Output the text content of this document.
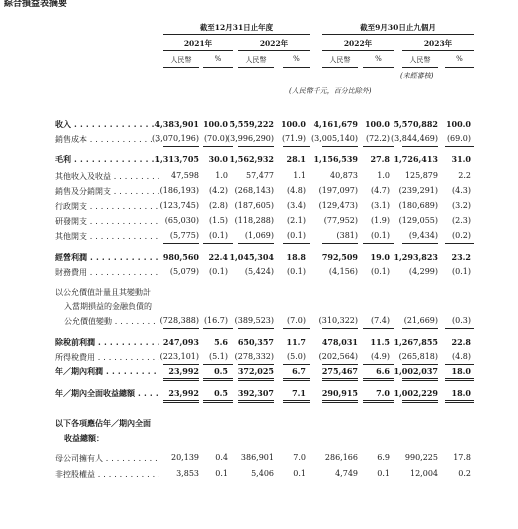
綜合損益表摘要
截至12月31日止年度	截至9月30日止九個月
2021年	2022年	2022年	2023年
人民幣	%	人民幣	%	人民幣	%	人民幣	%
(未經審核)
(人民幣千元，百分比除外)
收入 . . .	4,383,901 100.0 5,559,222 100.0 4,161,679 100.0 5,570,882 100.0
銷售成本 . . .	(3,070,196) (70.0) (3,996,290) (71.9) (3,005,140) (72.2) (3,844,469)	(69.0)
毛利 . . .	1,313,705	30.0 1,562,932	28.1 1,156,539	27.8 1,726,413	31.0
其他收入及收益 . . .	47,598	1.0	57,477	1.1	40,873	1.0	125,879	2.2
銷售及分銷開支 . . .	(186,193)	(4.2) (268,143)	(4.8)	(197,097)	(4.7)	(239,291)	(4.3)
行政開支 . . .	(123,745)	(2.8) (187,605)	(3.4)	(129,473)	(3.1)	(180,689)	(3.2)
研發開支 . . .	(65,030)	(1.5) (118,288)	(2.1)	(77,952)	(1.9)	(129,055)	(2.3)
其他開支 . . .	(5,775)	(0.1)	(1,069)	(0.1)	(381)	(0.1)	(9,434)	(0.2)
經營利潤 . . .	980,560	22.4 1,045,304	18.8	792,509	19.0 1,293,823	23.2
財務費用 . . .	(5,079)	(0.1)	(5,424)	(0.1)	(4,156)	(0.1)	(4,299)	(0.1)
以公允價值計量且其變動計
入當期損益的金融負債的
公允價值變動 . . .	(728,388) (16.7) (389,523)	(7.0)	(310,322)	(7.4)	(21,669)	(0.3)
除稅前利潤 . . .	247,093	5.6	650,357	11.7	478,031	11.5 1,267,855	22.8
所得稅費用 . . .	(223,101)	(5.1) (278,332)	(5.0)	(202,564)	(4.9)	(265,818)	(4.8)
年／期內利潤 . . .	23,992	0.5	372,025	6.7	275,467	6.6 1,002,037	18.0
年／期內全面收益總額 . . .	23,992	0.5	392,307	7.1	290,915	7.0 1,002,229	18.0
以下各項應佔年／期內全面
收益總額：
母公司擁有人 . . .	20,139	0.4	386,901	7.0	286,166	6.9	990,225	17.8
非控股權益 . . .	3,853	0.1	5,406	0.1	4,749	0.1	12,004	0.2
